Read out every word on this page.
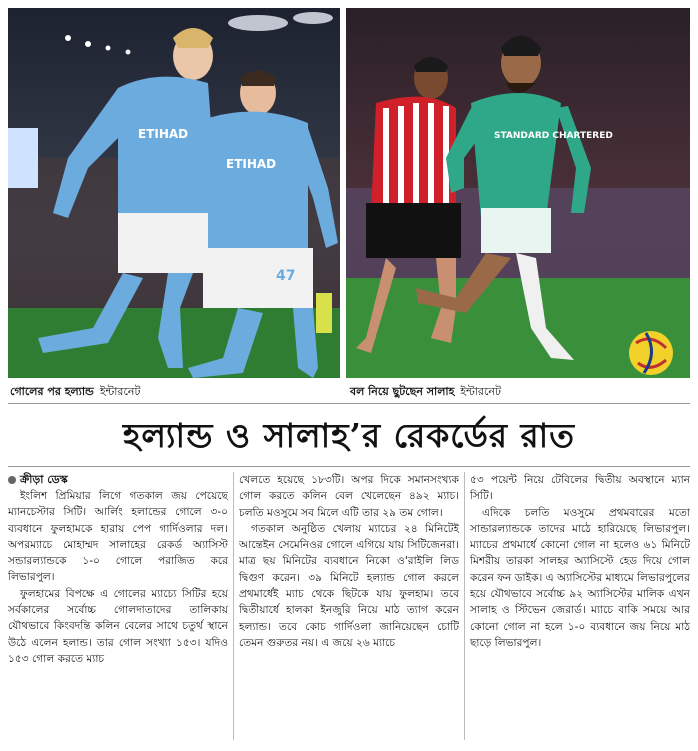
ETIHAD
ETIHAD
47
STANDARD CHARTERED
গোলের পর হল্যান্ড ইন্টারনেট	বল নিয়ে ছুটছেন সালাহ ইন্টারনেট
হল্যান্ড ও সালাহ’র রেকর্ডের রাত
ক্রীড়া ডেস্ক

ইংলিশ প্রিমিয়ার লিগে গতকাল জয় পেয়েছে ম্যানচেস্টার সিটি। আর্লিং হলান্ডের গোলে ৩-০ ব্যবধানে ফুলহামকে হারায় পেপ গার্দিওলার দল। অপরম্যাচে মোহাম্মদ সালাহের রেকর্ড অ্যাসিস্ট সন্ডারল্যান্ডকে ১-০ গোলে পরাজিত করে লিভারপুল।

ফুলহামের বিপক্ষে এ গোলের ম্যাচ্যে সিটির হয়ে সর্বকালের সর্বোচ্চ গোলদাতাদের তালিকায় যৌথভাবে কিংবদন্তি কলিন বেলের সাথে চতুর্থ স্থানে উঠে এলেন হলান্ড। তার গোল সংখ্যা ১৫৩। যদিও ১৫৩ গোল করতে ম্যাচ

খেলতে হয়েছে ১৮৩টি। অপর দিকে সমানসংখ্যক গোল করতে কলিন বেল খেলেছেন ৪৯২ ম্যাচ। চলতি মওসুমে সব মিলে এটি তার ২৯ তম গোল।

গতকাল অনুষ্ঠিত খেলায় ম্যাচের ২৪ মিনিটেই আন্তেইন সেমেনিওর গোলে এগিয়ে যায় সিটিজেনরা। মাত্র ছয় মিনিটের ব্যবধানে নিকো ও'রাইলি লিড দ্বিগুণ করেন। ৩৯ মিনিটে হল্যান্ড গোল করলে প্রথমার্ধেই ম্যাচ থেকে ছিটকে যায় ফুলহাম। তবে দ্বিতীয়ার্ধে হালকা ইনজুরি নিয়ে মাঠ ত্যাগ করেন হল্যান্ড। তবে কোচ গার্দিওলা জানিয়েছেন চোটি তেমন গুরুতর নয়। এ জয়ে ২৬ ম্যাচে

৫৩ পয়েন্ট নিয়ে টেবিলের দ্বিতীয় অবস্থানে ম্যান সিটি।

এদিকে চলতি মওসুমে প্রথমবারের মতো সান্ডারল্যান্ডকে তাদের মাঠে হারিয়েছে লিভারপুল। ম্যাচের প্রথমার্ধে কোনো গোল না হলেও ৬১ মিনিটে মিশরীয় তারকা সালহর অ্যাসিস্টে হেড দিয়ে গোল করেন ফন ডাইক। এ অ্যাসিস্টের মাধ্যমে লিভারপুলের হয়ে যৌথভাবে সর্বোচ্চ ৯২ অ্যাসিস্টের মালিক এখন সালাহ ও স্টিভেন জেরার্ড। ম্যাচে বাকি সময়ে আর কোনো গোল না হলে ১-০ ব্যবধানে জয় নিয়ে মাঠ ছাড়ে লিভারপুল।
